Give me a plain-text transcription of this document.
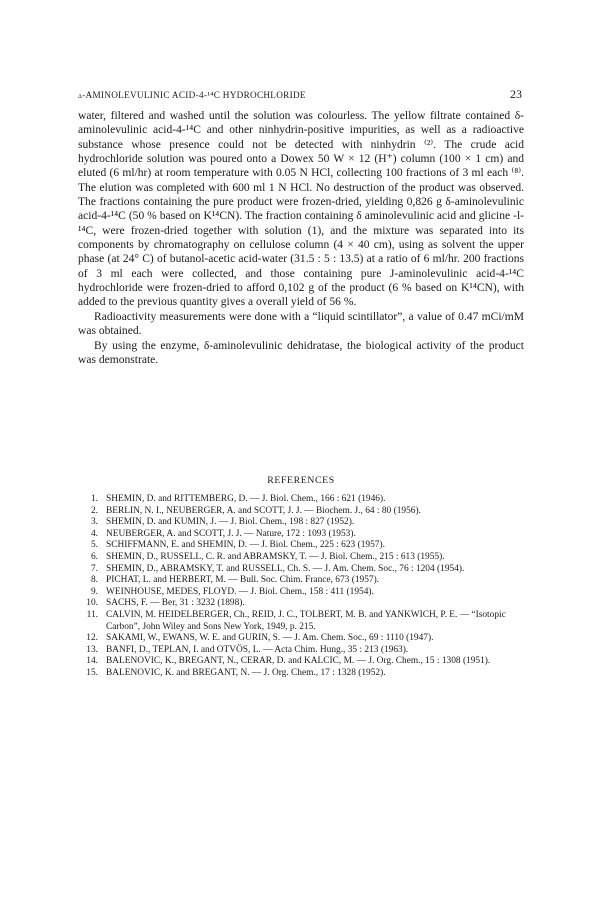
δ-AMINOLEVULINIC ACID-4-¹⁴C HYDROCHLORIDE	23

water, filtered and washed until the solution was colourless. The yellow filtrate contained δ-aminolevulinic acid-4-¹⁴C and other ninhydrin-positive impurities, as well as a radioactive substance whose presence could not be detected with ninhydrin ⁽²⁾. The crude acid hydrochloride solution was poured onto a Dowex 50 W × 12 (H⁺) column (100 × 1 cm) and eluted (6 ml/hr) at room temperature with 0.05 N HCl, collecting 100 fractions of 3 ml each ⁽⁸⁾. The elution was completed with 600 ml 1 N HCl. No destruction of the product was observed. The fractions containing the pure product were frozen-dried, yielding 0,826 g δ-aminolevulinic acid-4-¹⁴C (50 % based on K¹⁴CN). The fraction containing δ aminolevulinic acid and glicine -l-¹⁴C, were frozen-dried together with solution (1), and the mixture was separated into its components by chromatography on cellulose column (4 × 40 cm), using as solvent the upper phase (at 24° C) of butanol-acetic acid-water (31.5 : 5 : 13.5) at a ratio of 6 ml/hr. 200 fractions of 3 ml each were collected, and those containing pure J-aminolevulinic acid-4-¹⁴C hydrochloride were frozen-dried to afford 0,102 g of the product (6 % based on K¹⁴CN), with added to the previous quantity gives a overall yield of 56 %.

Radioactivity measurements were done with a “liquid scintillator”, a value of 0.47 mCi/mM was obtained.

By using the enzyme, δ-aminolevulinic dehidratase, the biological activity of the product was demonstrate.

REFERENCES
1. SHEMIN, D. and RITTEMBERG, D. — J. Biol. Chem., 166 : 621 (1946).
2. BERLIN, N. I., NEUBERGER, A. and SCOTT, J. J. — Biochem. J., 64 : 80 (1956).
3. SHEMIN, D. and KUMIN, J. — J. Biol. Chem., 198 : 827 (1952).
4. NEUBERGER, A. and SCOTT, J. J. — Nature, 172 : 1093 (1953).
5. SCHIFFMANN, E. and SHEMIN, D. — J. Biol. Chem., 225 : 623 (1957).
6. SHEMIN, D., RUSSELL, C. R. and ABRAMSKY, T. — J. Biol. Chem., 215 : 613 (1955).
7. SHEMIN, D., ABRAMSKY, T. and RUSSELL, Ch. S. — J. Am. Chem. Soc., 76 : 1204 (1954).
8. PICHAT, L. and HERBERT, M. — Bull. Soc. Chim. France, 673 (1957).
9. WEINHOUSE, MEDES, FLOYD. — J. Biol. Chem., 158 : 411 (1954).
10. SACHS, F. — Ber, 31 : 3232 (1898).
11. CALVIN, M. HEIDELBERGER, Ch., REID, J. C., TOLBERT, M. B. and YANKWICH, P. E. — “Isotopic Carbon”, John Wiley and Sons New York, 1949, p. 215.
12. SAKAMI, W., EWANS, W. E. and GURIN, S. — J. Am. Chem. Soc., 69 : 1110 (1947).
13. BANFI, D., TEPLAN, I. and OTVÖS, L. — Acta Chim. Hung., 35 : 213 (1963).
14. BALENOVIC, K., BREGANT, N., CERAR, D. and KALCIC, M. — J. Org. Chem., 15 : 1308 (1951).
15. BALENOVIC, K. and BREGANT, N. — J. Org. Chem., 17 : 1328 (1952).
